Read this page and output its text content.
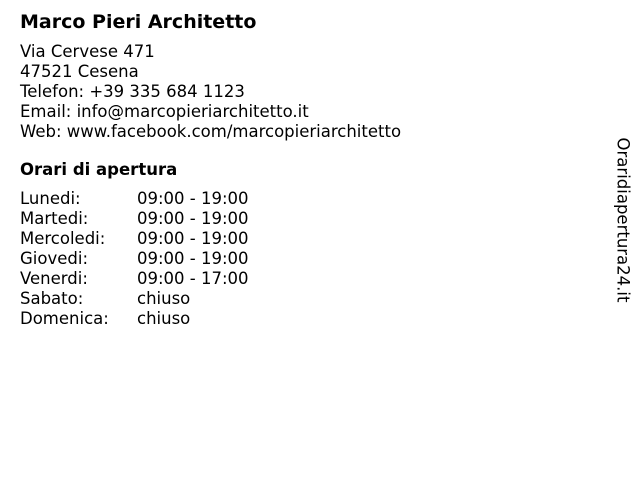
Marco Pieri Architetto
Via Cervese 471
47521 Cesena
Telefon: +39 335 684 1123
Email: info@marcopieriarchitetto.it
Web: www.facebook.com/marcopieriarchitetto
Orari di apertura
Lunedi:	09:00 - 19:00
Martedi:	09:00 - 19:00
Mercoledi:	09:00 - 19:00
Giovedi:	09:00 - 19:00
Venerdi:	09:00 - 17:00
Sabato:	chiuso
Domenica:	chiuso
Oraridiapertura24.it
